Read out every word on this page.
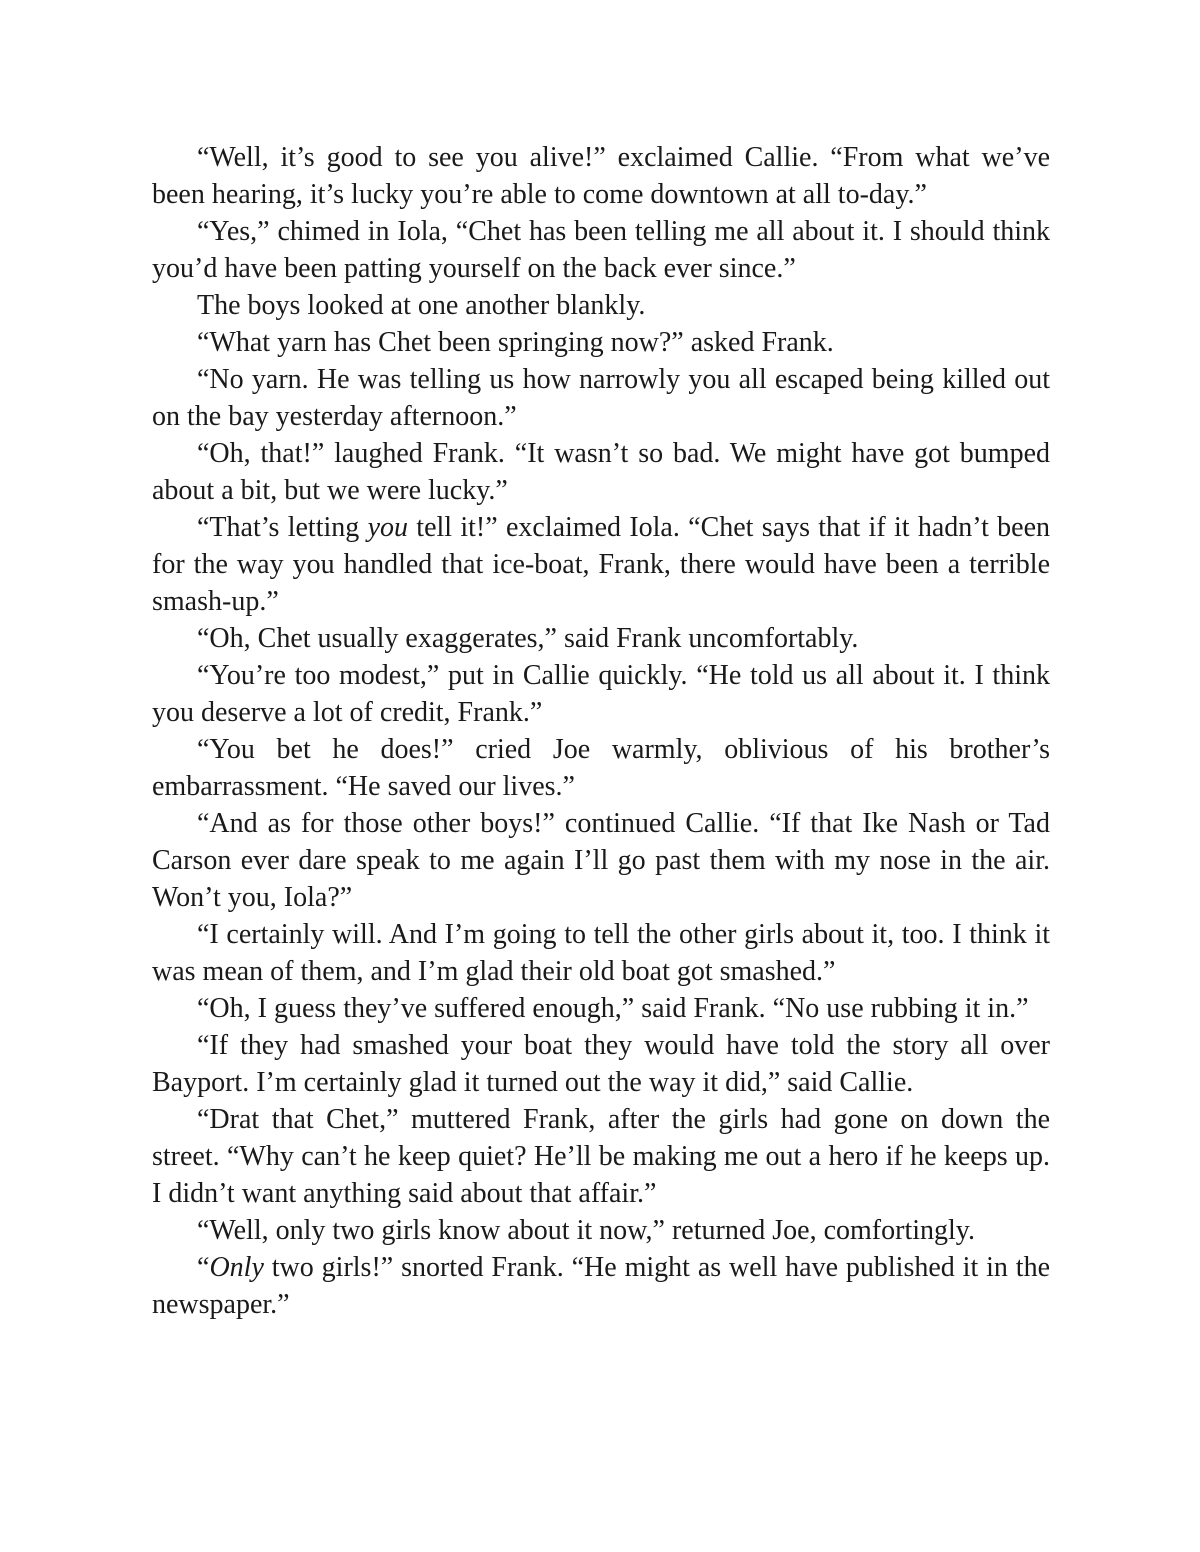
“Well, it’s good to see you alive!” exclaimed Callie. “From what we’ve been hearing, it’s lucky you’re able to come downtown at all to-day.”

“Yes,” chimed in Iola, “Chet has been telling me all about it. I should think you’d have been patting yourself on the back ever since.”

The boys looked at one another blankly.

“What yarn has Chet been springing now?” asked Frank.

“No yarn. He was telling us how narrowly you all escaped being killed out on the bay yesterday afternoon.”

“Oh, that!” laughed Frank. “It wasn’t so bad. We might have got bumped about a bit, but we were lucky.”

“That’s letting you tell it!” exclaimed Iola. “Chet says that if it hadn’t been for the way you handled that ice-boat, Frank, there would have been a terrible smash-up.”

“Oh, Chet usually exaggerates,” said Frank uncomfortably.

“You’re too modest,” put in Callie quickly. “He told us all about it. I think you deserve a lot of credit, Frank.”

“You bet he does!” cried Joe warmly, oblivious of his brother’s embarrassment. “He saved our lives.”

“And as for those other boys!” continued Callie. “If that Ike Nash or Tad Carson ever dare speak to me again I’ll go past them with my nose in the air. Won’t you, Iola?”

“I certainly will. And I’m going to tell the other girls about it, too. I think it was mean of them, and I’m glad their old boat got smashed.”

“Oh, I guess they’ve suffered enough,” said Frank. “No use rubbing it in.”

“If they had smashed your boat they would have told the story all over Bayport. I’m certainly glad it turned out the way it did,” said Callie.

“Drat that Chet,” muttered Frank, after the girls had gone on down the street. “Why can’t he keep quiet? He’ll be making me out a hero if he keeps up. I didn’t want anything said about that affair.”

“Well, only two girls know about it now,” returned Joe, comfortingly.

“Only two girls!” snorted Frank. “He might as well have published it in the newspaper.”
